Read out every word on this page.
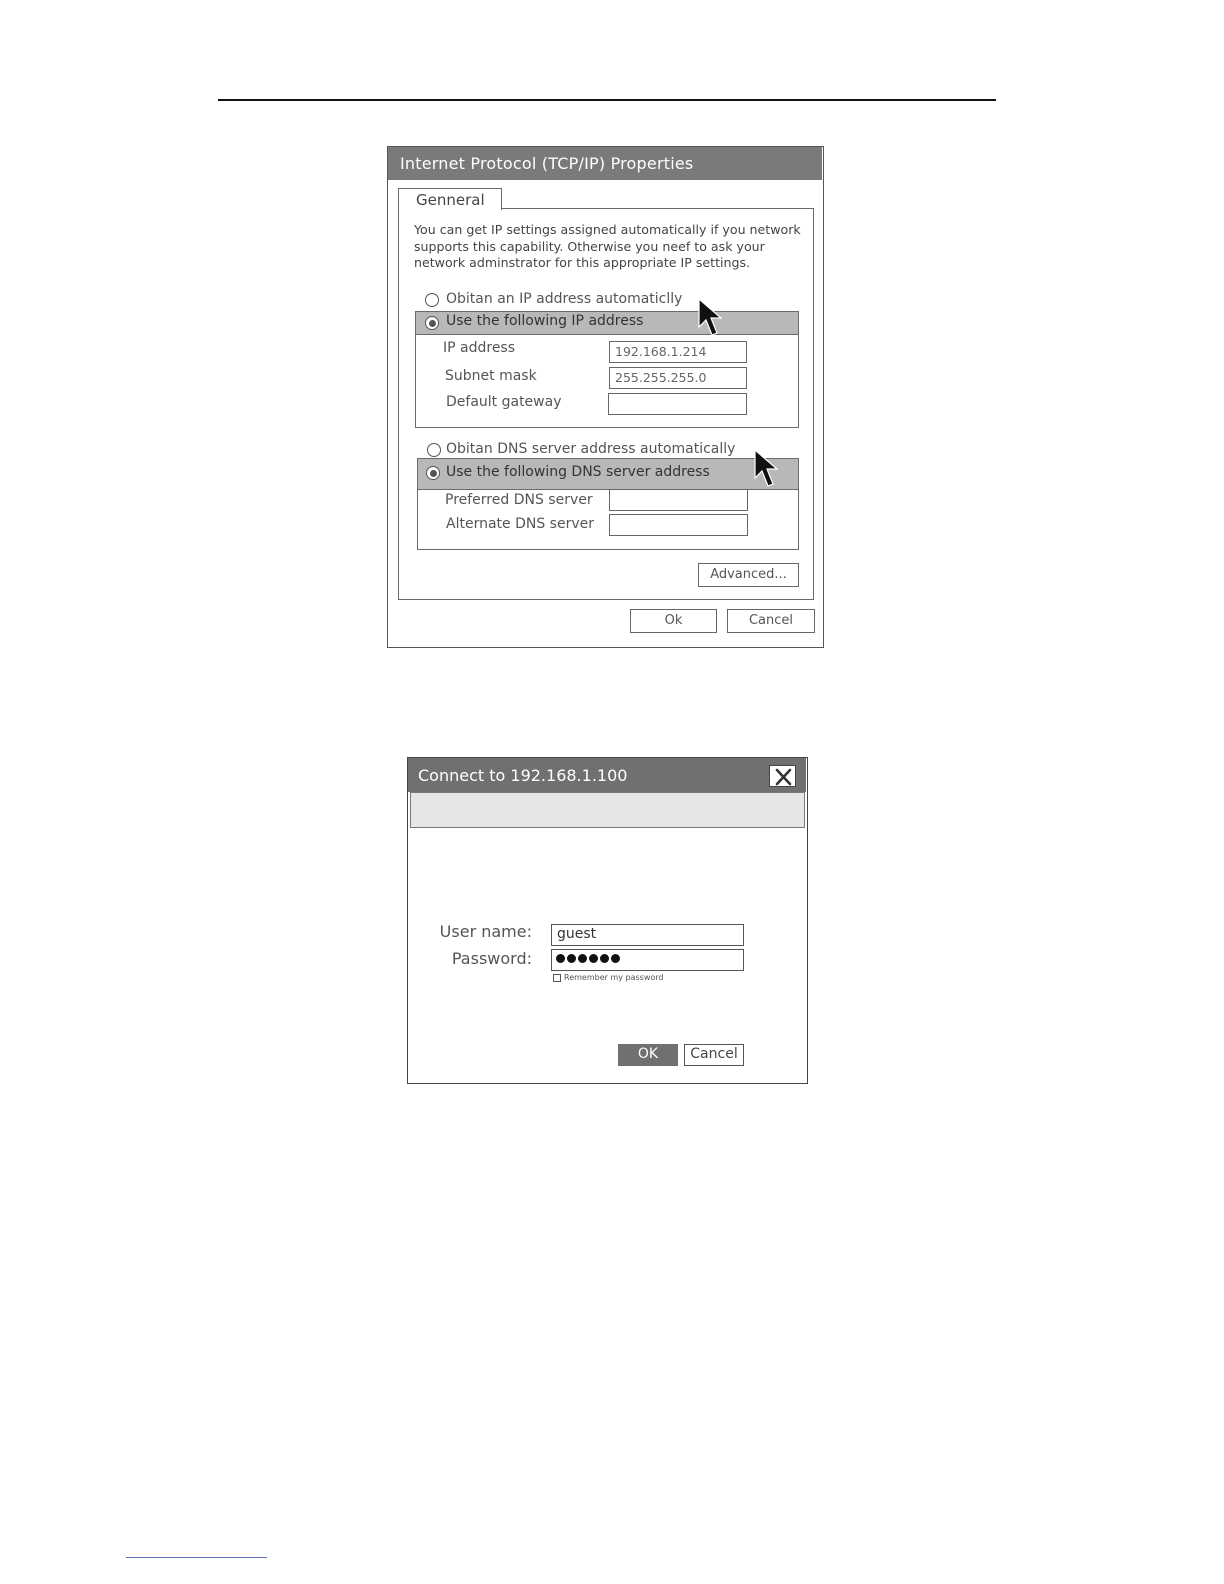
Internet Protocol (TCP/IP) Properties
Genneral
You can get IP settings assigned automatically if you network supports this capability. Otherwise you neef to ask your network adminstrator for this appropriate IP settings.
Obitan an IP address automaticlly
Use the following IP address
IP address	192.168.1.214
Subnet mask	255.255.255.0
Default gateway
Obitan DNS server address automatically
Use the following DNS server address
Preferred DNS server
Alternate DNS server
Advanced...
Ok	Cancel
Connect to 192.168.1.100
User name:	guest
Password:
Remember my password
OK	Cancel
